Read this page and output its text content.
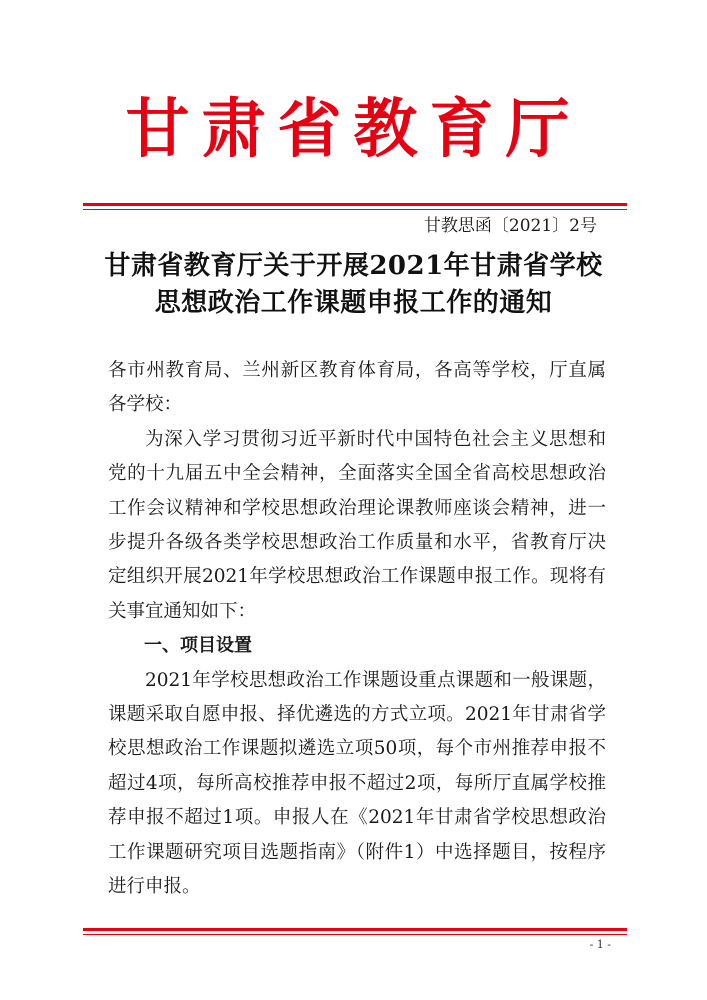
甘肃省教育厅
甘教思函〔2021〕2号
甘肃省教育厅关于开展2021年甘肃省学校
思想政治工作课题申报工作的通知

各市州教育局、兰州新区教育体育局，各高等学校，厅直属各学校：

为深入学习贯彻习近平新时代中国特色社会主义思想和党的十九届五中全会精神，全面落实全国全省高校思想政治工作会议精神和学校思想政治理论课教师座谈会精神，进一步提升各级各类学校思想政治工作质量和水平，省教育厅决定组织开展2021年学校思想政治工作课题申报工作。现将有关事宜通知如下：

一、项目设置

2021年学校思想政治工作课题设重点课题和一般课题，课题采取自愿申报、择优遴选的方式立项。2021年甘肃省学校思想政治工作课题拟遴选立项50项，每个市州推荐申报不超过4项，每所高校推荐申报不超过2项，每所厅直属学校推荐申报不超过1项。申报人在《2021年甘肃省学校思想政治工作课题研究项目选题指南》（附件1）中选择题目，按程序进行申报。

- 1 -
